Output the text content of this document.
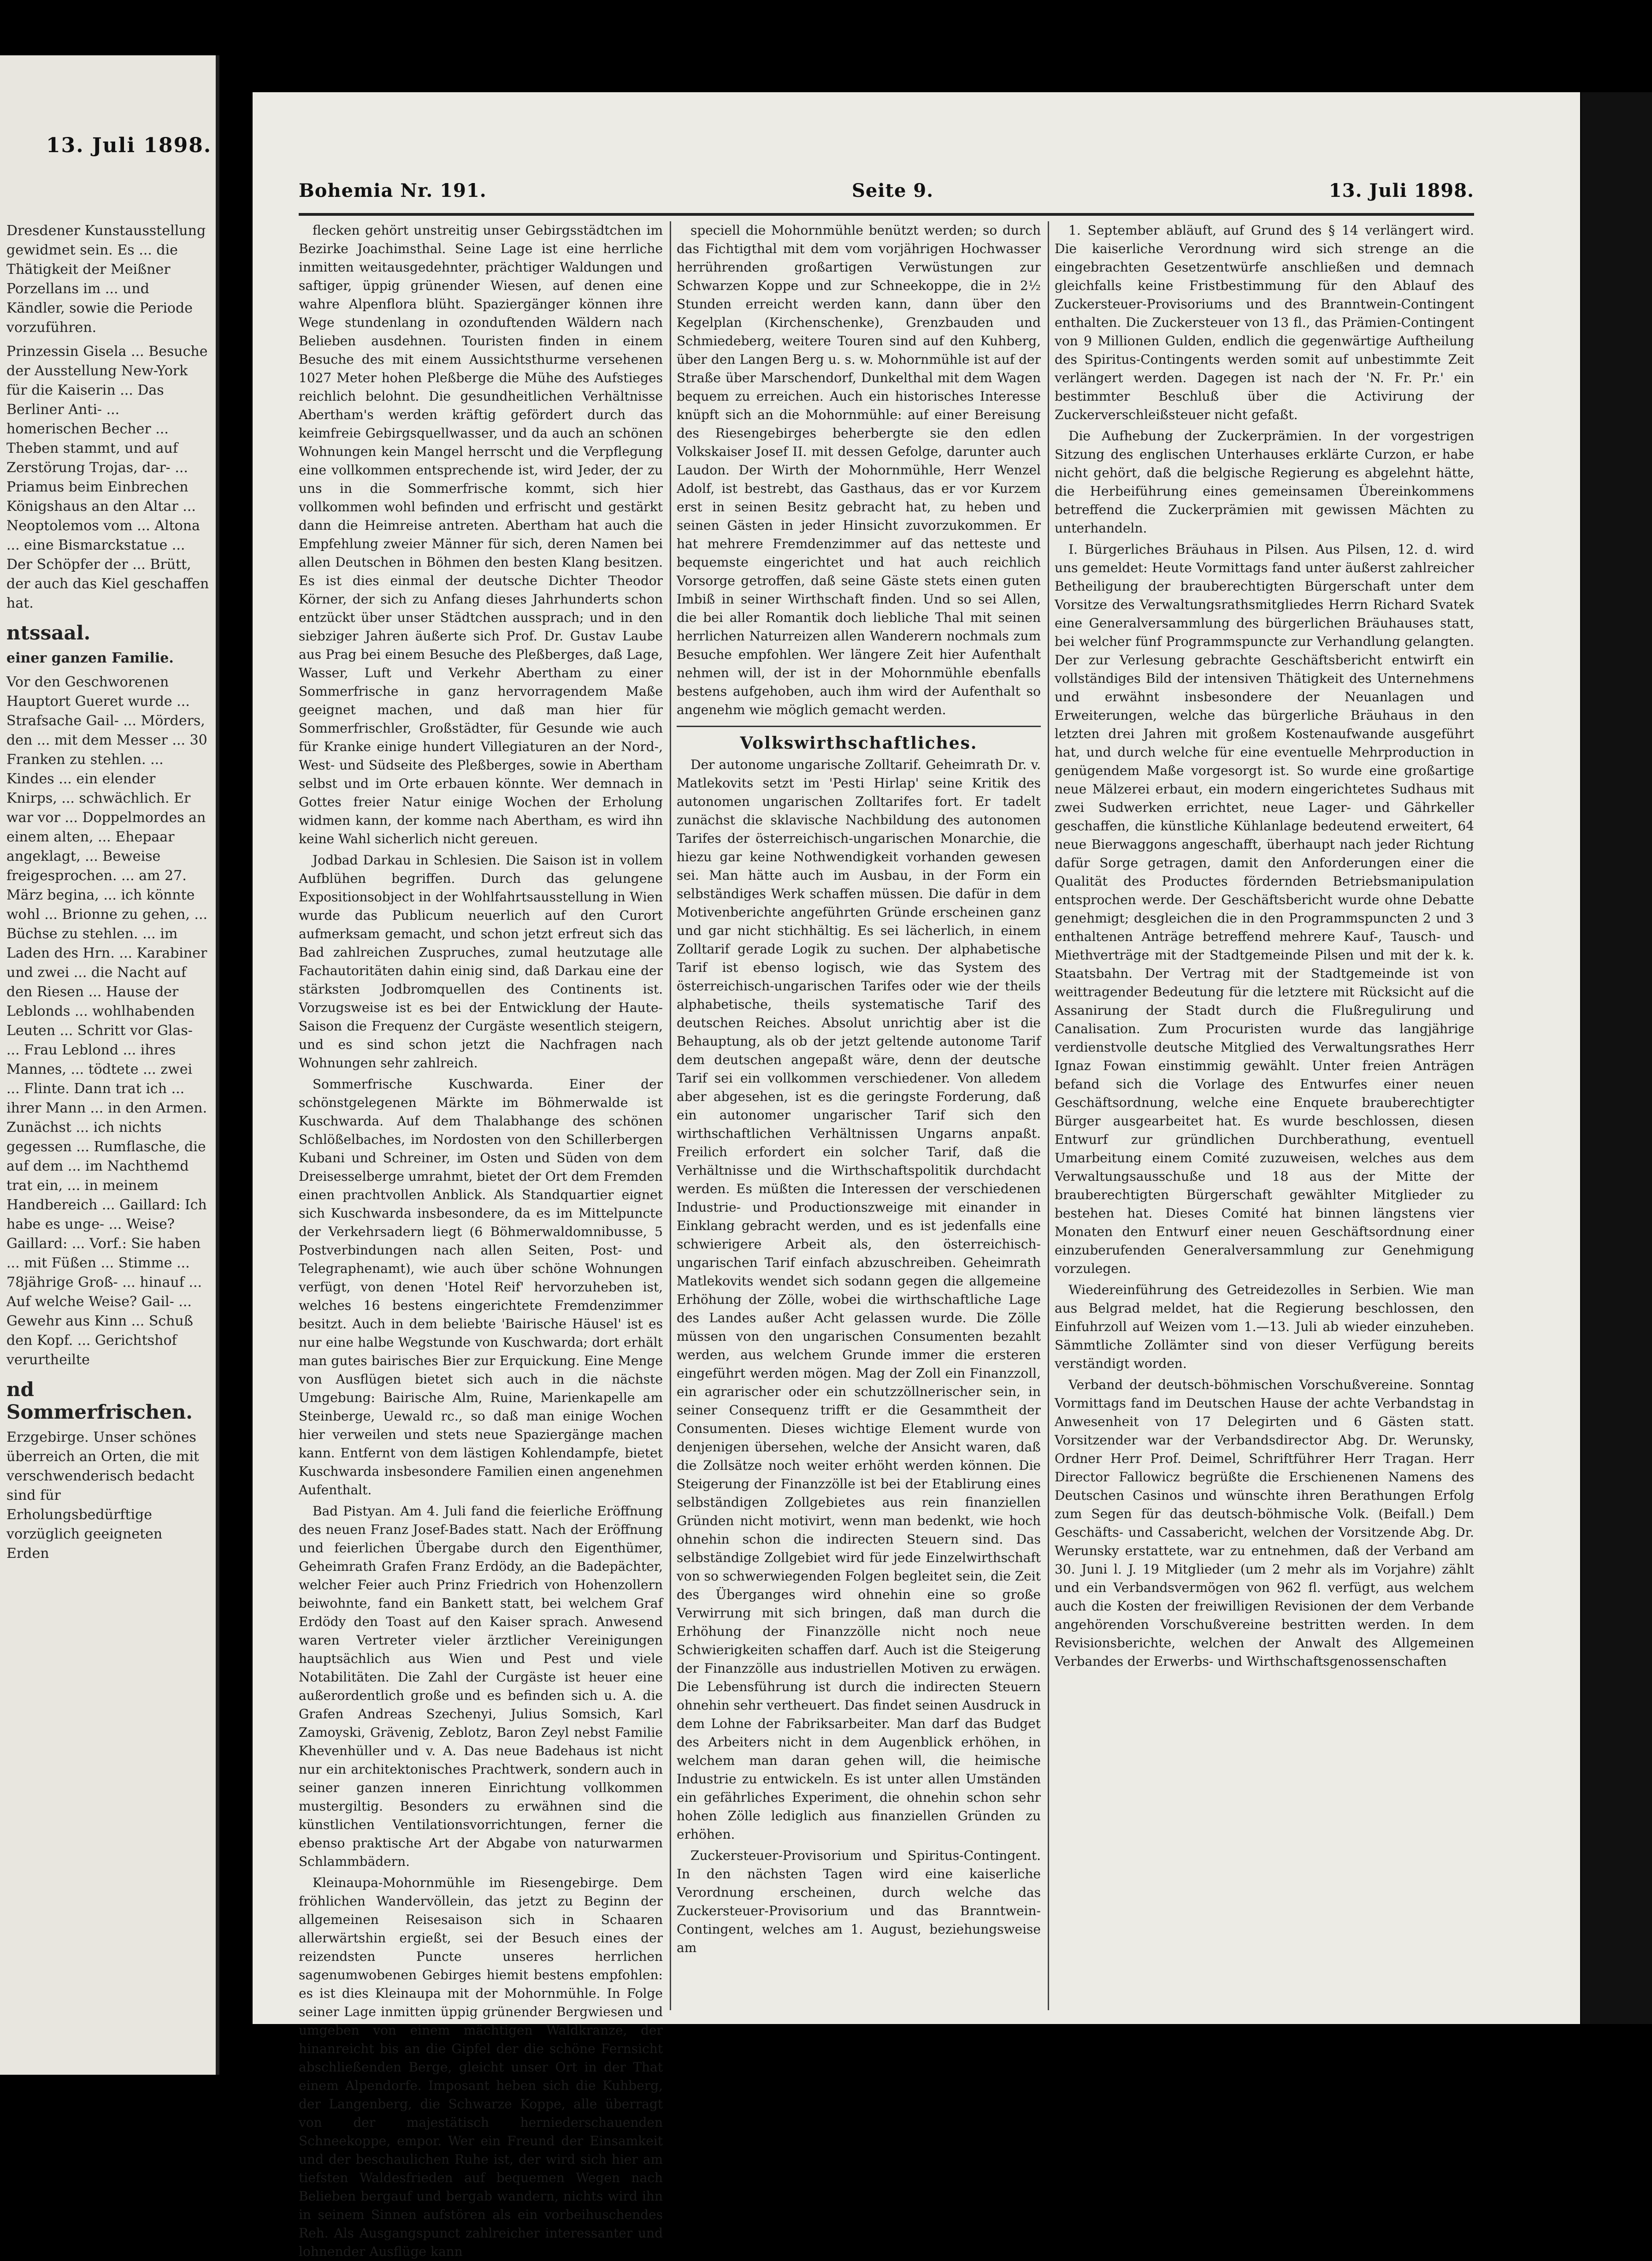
13. Juli 1898.

Dresdener Kunstausstellung gewidmet sein. Es ... die Thätigkeit der Meißner Porzellans im ... und Kändler, sowie die Periode vorzuführen.

Prinzessin Gisela ... Besuche der Ausstellung New-York für die Kaiserin ... Das Berliner Anti- ... homerischen Becher ... Theben stammt, und auf Zerstörung Trojas, dar- ... Priamus beim Einbrechen Königshaus an den Altar ... Neoptolemos vom ... Altona ... eine Bismarckstatue ... Der Schöpfer der ... Brütt, der auch das Kiel geschaffen hat.

ntssaal.

einer ganzen Familie.

Vor den Geschworenen Hauptort Gueret wurde ... Strafsache Gail- ... Mörders, den ... mit dem Messer ... 30 Franken zu stehlen. ... Kindes ... ein elender Knirps, ... schwächlich. Er war vor ... Doppelmordes an einem alten, ... Ehepaar angeklagt, ... Beweise freigesprochen. ... am 27. März begina, ... ich könnte wohl ... Brionne zu gehen, ... Büchse zu stehlen. ... im Laden des Hrn. ... Karabiner und zwei ... die Nacht auf den Riesen ... Hause der Leblonds ... wohlhabenden Leuten ... Schritt vor Glas- ... Frau Leblond ... ihres Mannes, ... tödtete ... zwei ... Flinte. Dann trat ich ... ihrer Mann ... in den Armen. Zunächst ... ich nichts gegessen ... Rumflasche, die auf dem ... im Nachthemd trat ein, ... in meinem Handbereich ... Gaillard: Ich habe es unge- ... Weise? Gaillard: ... Vorf.: Sie haben ... mit Füßen ... Stimme ... 78jährige Groß- ... hinauf ... Auf welche Weise? Gail- ... Gewehr aus Kinn ... Schuß den Kopf. ... Gerichtshof verurtheilte

nd Sommerfrischen.

Erzgebirge. Unser schönes überreich an Orten, die mit verschwenderisch bedacht sind für Erholungsbedürftige vorzüglich geeigneten Erden

Bohemia Nr. 191.	Seite 9.	13. Juli 1898.

flecken gehört unstreitig unser Gebirgsstädtchen im Bezirke Joachimsthal. Seine Lage ist eine herrliche inmitten weitausgedehnter, prächtiger Waldungen und saftiger, üppig grünender Wiesen, auf denen eine wahre Alpenflora blüht. Spaziergänger können ihre Wege stundenlang in ozonduftenden Wäldern nach Belieben ausdehnen. Touristen finden in einem Besuche des mit einem Aussichtsthurme versehenen 1027 Meter hohen Pleßberge die Mühe des Aufstieges reichlich belohnt. Die gesundheitlichen Verhältnisse Abertham's werden kräftig gefördert durch das keimfreie Gebirgsquellwasser, und da auch an schönen Wohnungen kein Mangel herrscht und die Verpflegung eine vollkommen entsprechende ist, wird Jeder, der zu uns in die Sommerfrische kommt, sich hier vollkommen wohl befinden und erfrischt und gestärkt dann die Heimreise antreten. Abertham hat auch die Empfehlung zweier Männer für sich, deren Namen bei allen Deutschen in Böhmen den besten Klang besitzen. Es ist dies einmal der deutsche Dichter Theodor Körner, der sich zu Anfang dieses Jahrhunderts schon entzückt über unser Städtchen aussprach; und in den siebziger Jahren äußerte sich Prof. Dr. Gustav Laube aus Prag bei einem Besuche des Pleßberges, daß Lage, Wasser, Luft und Verkehr Abertham zu einer Sommerfrische in ganz hervorragendem Maße geeignet machen, und daß man hier für Sommerfrischler, Großstädter, für Gesunde wie auch für Kranke einige hundert Villegiaturen an der Nord-, West- und Südseite des Pleßberges, sowie in Abertham selbst und im Orte erbauen könnte. Wer demnach in Gottes freier Natur einige Wochen der Erholung widmen kann, der komme nach Abertham, es wird ihn keine Wahl sicherlich nicht gereuen.

Jodbad Darkau in Schlesien. Die Saison ist in vollem Aufblühen begriffen. Durch das gelungene Expositionsobject in der Wohlfahrtsausstellung in Wien wurde das Publicum neuerlich auf den Curort aufmerksam gemacht, und schon jetzt erfreut sich das Bad zahlreichen Zuspruches, zumal heutzutage alle Fachautoritäten dahin einig sind, daß Darkau eine der stärksten Jodbromquellen des Continents ist. Vorzugsweise ist es bei der Entwicklung der Haute-Saison die Frequenz der Curgäste wesentlich steigern, und es sind schon jetzt die Nachfragen nach Wohnungen sehr zahlreich.

Sommerfrische Kuschwarda. Einer der schönstgelegenen Märkte im Böhmerwalde ist Kuschwarda. Auf dem Thalabhange des schönen Schlößelbaches, im Nordosten von den Schillerbergen Kubani und Schreiner, im Osten und Süden von dem Dreisesselberge umrahmt, bietet der Ort dem Fremden einen prachtvollen Anblick. Als Standquartier eignet sich Kuschwarda insbesondere, da es im Mittelpuncte der Verkehrsadern liegt (6 Böhmerwaldomnibusse, 5 Postverbindungen nach allen Seiten, Post- und Telegraphenamt), wie auch über schöne Wohnungen verfügt, von denen 'Hotel Reif' hervorzuheben ist, welches 16 bestens eingerichtete Fremdenzimmer besitzt. Auch in dem beliebte 'Bairische Häusel' ist es nur eine halbe Wegstunde von Kuschwarda; dort erhält man gutes bairisches Bier zur Erquickung. Eine Menge von Ausflügen bietet sich auch in die nächste Umgebung: Bairische Alm, Ruine, Marienkapelle am Steinberge, Uewald rc., so daß man einige Wochen hier verweilen und stets neue Spaziergänge machen kann. Entfernt von dem lästigen Kohlendampfe, bietet Kuschwarda insbesondere Familien einen angenehmen Aufenthalt.

Bad Pistyan. Am 4. Juli fand die feierliche Eröffnung des neuen Franz Josef-Bades statt. Nach der Eröffnung und feierlichen Übergabe durch den Eigenthümer, Geheimrath Grafen Franz Erdödy, an die Badepächter, welcher Feier auch Prinz Friedrich von Hohenzollern beiwohnte, fand ein Bankett statt, bei welchem Graf Erdödy den Toast auf den Kaiser sprach. Anwesend waren Vertreter vieler ärztlicher Vereinigungen hauptsächlich aus Wien und Pest und viele Notabilitäten. Die Zahl der Curgäste ist heuer eine außerordentlich große und es befinden sich u. A. die Grafen Andreas Szechenyi, Julius Somsich, Karl Zamoyski, Grävenig, Zeblotz, Baron Zeyl nebst Familie Khevenhüller und v. A. Das neue Badehaus ist nicht nur ein architektonisches Prachtwerk, sondern auch in seiner ganzen inneren Einrichtung vollkommen mustergiltig. Besonders zu erwähnen sind die künstlichen Ventilationsvorrichtungen, ferner die ebenso praktische Art der Abgabe von naturwarmen Schlammbädern.

Kleinaupa-Mohornmühle im Riesengebirge. Dem fröhlichen Wandervöllein, das jetzt zu Beginn der allgemeinen Reisesaison sich in Schaaren allerwärtshin ergießt, sei der Besuch eines der reizendsten Puncte unseres herrlichen sagenumwobenen Gebirges hiemit bestens empfohlen: es ist dies Kleinaupa mit der Mohornmühle. In Folge seiner Lage inmitten üppig grünender Bergwiesen und umgeben von einem mächtigen Waldkranze, der hinanreicht bis an die Gipfel der die schöne Fernsicht abschließenden Berge, gleicht unser Ort in der That einem Alpendorfe. Imposant heben sich die Kuhberg, der Langenberg, die Schwarze Koppe, alle überragt von der majestätisch herniederschauenden Schneekoppe, empor. Wer ein Freund der Einsamkeit und der beschaulichen Ruhe ist, der wird sich hier am tiefsten Waldesfrieden auf bequemen Wegen nach Belieben bergauf und bergab wandern, nichts wird ihn in seinem Sinnen aufstören als ein vorbeihuschendes Reh. Als Ausgangspunct zahlreicher interessanter und lohnender Ausflüge kann

speciell die Mohornmühle benützt werden; so durch das Fichtigthal mit dem vom vorjährigen Hochwasser herrührenden großartigen Verwüstungen zur Schwarzen Koppe und zur Schneekoppe, die in 2½ Stunden erreicht werden kann, dann über den Kegelplan (Kirchenschenke), Grenzbauden und Schmiedeberg, weitere Touren sind auf den Kuhberg, über den Langen Berg u. s. w. Mohornmühle ist auf der Straße über Marschendorf, Dunkelthal mit dem Wagen bequem zu erreichen. Auch ein historisches Interesse knüpft sich an die Mohornmühle: auf einer Bereisung des Riesengebirges beherbergte sie den edlen Volkskaiser Josef II. mit dessen Gefolge, darunter auch Laudon. Der Wirth der Mohornmühle, Herr Wenzel Adolf, ist bestrebt, das Gasthaus, das er vor Kurzem erst in seinen Besitz gebracht hat, zu heben und seinen Gästen in jeder Hinsicht zuvorzukommen. Er hat mehrere Fremdenzimmer auf das netteste und bequemste eingerichtet und hat auch reichlich Vorsorge getroffen, daß seine Gäste stets einen guten Imbiß in seiner Wirthschaft finden. Und so sei Allen, die bei aller Romantik doch liebliche Thal mit seinen herrlichen Naturreizen allen Wanderern nochmals zum Besuche empfohlen. Wer längere Zeit hier Aufenthalt nehmen will, der ist in der Mohornmühle ebenfalls bestens aufgehoben, auch ihm wird der Aufenthalt so angenehm wie möglich gemacht werden.

Volkswirthschaftliches.

Der autonome ungarische Zolltarif. Geheimrath Dr. v. Matlekovits setzt im 'Pesti Hirlap' seine Kritik des autonomen ungarischen Zolltarifes fort. Er tadelt zunächst die sklavische Nachbildung des autonomen Tarifes der österreichisch-ungarischen Monarchie, die hiezu gar keine Nothwendigkeit vorhanden gewesen sei. Man hätte auch im Ausbau, in der Form ein selbständiges Werk schaffen müssen. Die dafür in dem Motivenberichte angeführten Gründe erscheinen ganz und gar nicht stichhältig. Es sei lächerlich, in einem Zolltarif gerade Logik zu suchen. Der alphabetische Tarif ist ebenso logisch, wie das System des österreichisch-ungarischen Tarifes oder wie der theils alphabetische, theils systematische Tarif des deutschen Reiches. Absolut unrichtig aber ist die Behauptung, als ob der jetzt geltende autonome Tarif dem deutschen angepaßt wäre, denn der deutsche Tarif sei ein vollkommen verschiedener. Von alledem aber abgesehen, ist es die geringste Forderung, daß ein autonomer ungarischer Tarif sich den wirthschaftlichen Verhältnissen Ungarns anpaßt. Freilich erfordert ein solcher Tarif, daß die Verhältnisse und die Wirthschaftspolitik durchdacht werden. Es müßten die Interessen der verschiedenen Industrie- und Productionszweige mit einander in Einklang gebracht werden, und es ist jedenfalls eine schwierigere Arbeit als, den österreichisch-ungarischen Tarif einfach abzuschreiben. Geheimrath Matlekovits wendet sich sodann gegen die allgemeine Erhöhung der Zölle, wobei die wirthschaftliche Lage des Landes außer Acht gelassen wurde. Die Zölle müssen von den ungarischen Consumenten bezahlt werden, aus welchem Grunde immer die ersteren eingeführt werden mögen. Mag der Zoll ein Finanzzoll, ein agrarischer oder ein schutzzöllnerischer sein, in seiner Consequenz trifft er die Gesammtheit der Consumenten. Dieses wichtige Element wurde von denjenigen übersehen, welche der Ansicht waren, daß die Zollsätze noch weiter erhöht werden können. Die Steigerung der Finanzzölle ist bei der Etablirung eines selbständigen Zollgebietes aus rein finanziellen Gründen nicht motivirt, wenn man bedenkt, wie hoch ohnehin schon die indirecten Steuern sind. Das selbständige Zollgebiet wird für jede Einzelwirthschaft von so schwerwiegenden Folgen begleitet sein, die Zeit des Überganges wird ohnehin eine so große Verwirrung mit sich bringen, daß man durch die Erhöhung der Finanzzölle nicht noch neue Schwierigkeiten schaffen darf. Auch ist die Steigerung der Finanzzölle aus industriellen Motiven zu erwägen. Die Lebensführung ist durch die indirecten Steuern ohnehin sehr vertheuert. Das findet seinen Ausdruck in dem Lohne der Fabriksarbeiter. Man darf das Budget des Arbeiters nicht in dem Augenblick erhöhen, in welchem man daran gehen will, die heimische Industrie zu entwickeln. Es ist unter allen Umständen ein gefährliches Experiment, die ohnehin schon sehr hohen Zölle lediglich aus finanziellen Gründen zu erhöhen.

Zuckersteuer-Provisorium und Spiritus-Contingent. In den nächsten Tagen wird eine kaiserliche Verordnung erscheinen, durch welche das Zuckersteuer-Provisorium und das Branntwein-Contingent, welches am 1. August, beziehungsweise am

1. September abläuft, auf Grund des § 14 verlängert wird. Die kaiserliche Verordnung wird sich strenge an die eingebrachten Gesetzentwürfe anschließen und demnach gleichfalls keine Fristbestimmung für den Ablauf des Zuckersteuer-Provisoriums und des Branntwein-Contingent enthalten. Die Zuckersteuer von 13 fl., das Prämien-Contingent von 9 Millionen Gulden, endlich die gegenwärtige Auftheilung des Spiritus-Contingents werden somit auf unbestimmte Zeit verlängert werden. Dagegen ist nach der 'N. Fr. Pr.' ein bestimmter Beschluß über die Activirung der Zuckerverschleißsteuer nicht gefaßt.

Die Aufhebung der Zuckerprämien. In der vorgestrigen Sitzung des englischen Unterhauses erklärte Curzon, er habe nicht gehört, daß die belgische Regierung es abgelehnt hätte, die Herbeiführung eines gemeinsamen Übereinkommens betreffend die Zuckerprämien mit gewissen Mächten zu unterhandeln.

I. Bürgerliches Bräuhaus in Pilsen. Aus Pilsen, 12. d. wird uns gemeldet: Heute Vormittags fand unter äußerst zahlreicher Betheiligung der brauberechtigten Bürgerschaft unter dem Vorsitze des Verwaltungsrathsmitgliedes Herrn Richard Svatek eine Generalversammlung des bürgerlichen Bräuhauses statt, bei welcher fünf Programmspuncte zur Verhandlung gelangten. Der zur Verlesung gebrachte Geschäftsbericht entwirft ein vollständiges Bild der intensiven Thätigkeit des Unternehmens und erwähnt insbesondere der Neuanlagen und Erweiterungen, welche das bürgerliche Bräuhaus in den letzten drei Jahren mit großem Kostenaufwande ausgeführt hat, und durch welche für eine eventuelle Mehrproduction in genügendem Maße vorgesorgt ist. So wurde eine großartige neue Mälzerei erbaut, ein modern eingerichtetes Sudhaus mit zwei Sudwerken errichtet, neue Lager- und Gährkeller geschaffen, die künstliche Kühlanlage bedeutend erweitert, 64 neue Bierwaggons angeschafft, überhaupt nach jeder Richtung dafür Sorge getragen, damit den Anforderungen einer die Qualität des Productes fördernden Betriebsmanipulation entsprochen werde. Der Geschäftsbericht wurde ohne Debatte genehmigt; desgleichen die in den Programmspuncten 2 und 3 enthaltenen Anträge betreffend mehrere Kauf-, Tausch- und Miethverträge mit der Stadtgemeinde Pilsen und mit der k. k. Staatsbahn. Der Vertrag mit der Stadtgemeinde ist von weittragender Bedeutung für die letztere mit Rücksicht auf die Assanirung der Stadt durch die Flußregulirung und Canalisation. Zum Procuristen wurde das langjährige verdienstvolle deutsche Mitglied des Verwaltungsrathes Herr Ignaz Fowan einstimmig gewählt. Unter freien Anträgen befand sich die Vorlage des Entwurfes einer neuen Geschäftsordnung, welche eine Enquete brauberechtigter Bürger ausgearbeitet hat. Es wurde beschlossen, diesen Entwurf zur gründlichen Durchberathung, eventuell Umarbeitung einem Comité zuzuweisen, welches aus dem Verwaltungsausschuße und 18 aus der Mitte der brauberechtigten Bürgerschaft gewählter Mitglieder zu bestehen hat. Dieses Comité hat binnen längstens vier Monaten den Entwurf einer neuen Geschäftsordnung einer einzuberufenden Generalversammlung zur Genehmigung vorzulegen.

Wiedereinführung des Getreidezolles in Serbien. Wie man aus Belgrad meldet, hat die Regierung beschlossen, den Einfuhrzoll auf Weizen vom 1.—13. Juli ab wieder einzuheben. Sämmtliche Zollämter sind von dieser Verfügung bereits verständigt worden.

Verband der deutsch-böhmischen Vorschußvereine. Sonntag Vormittags fand im Deutschen Hause der achte Verbandstag in Anwesenheit von 17 Delegirten und 6 Gästen statt. Vorsitzender war der Verbandsdirector Abg. Dr. Werunsky, Ordner Herr Prof. Deimel, Schriftführer Herr Tragan. Herr Director Fallowicz begrüßte die Erschienenen Namens des Deutschen Casinos und wünschte ihren Berathungen Erfolg zum Segen für das deutsch-böhmische Volk. (Beifall.) Dem Geschäfts- und Cassabericht, welchen der Vorsitzende Abg. Dr. Werunsky erstattete, war zu entnehmen, daß der Verband am 30. Juni l. J. 19 Mitglieder (um 2 mehr als im Vorjahre) zählt und ein Verbandsvermögen von 962 fl. verfügt, aus welchem auch die Kosten der freiwilligen Revisionen der dem Verbande angehörenden Vorschußvereine bestritten werden. In dem Revisionsberichte, welchen der Anwalt des Allgemeinen Verbandes der Erwerbs- und Wirthschaftsgenossenschaften
